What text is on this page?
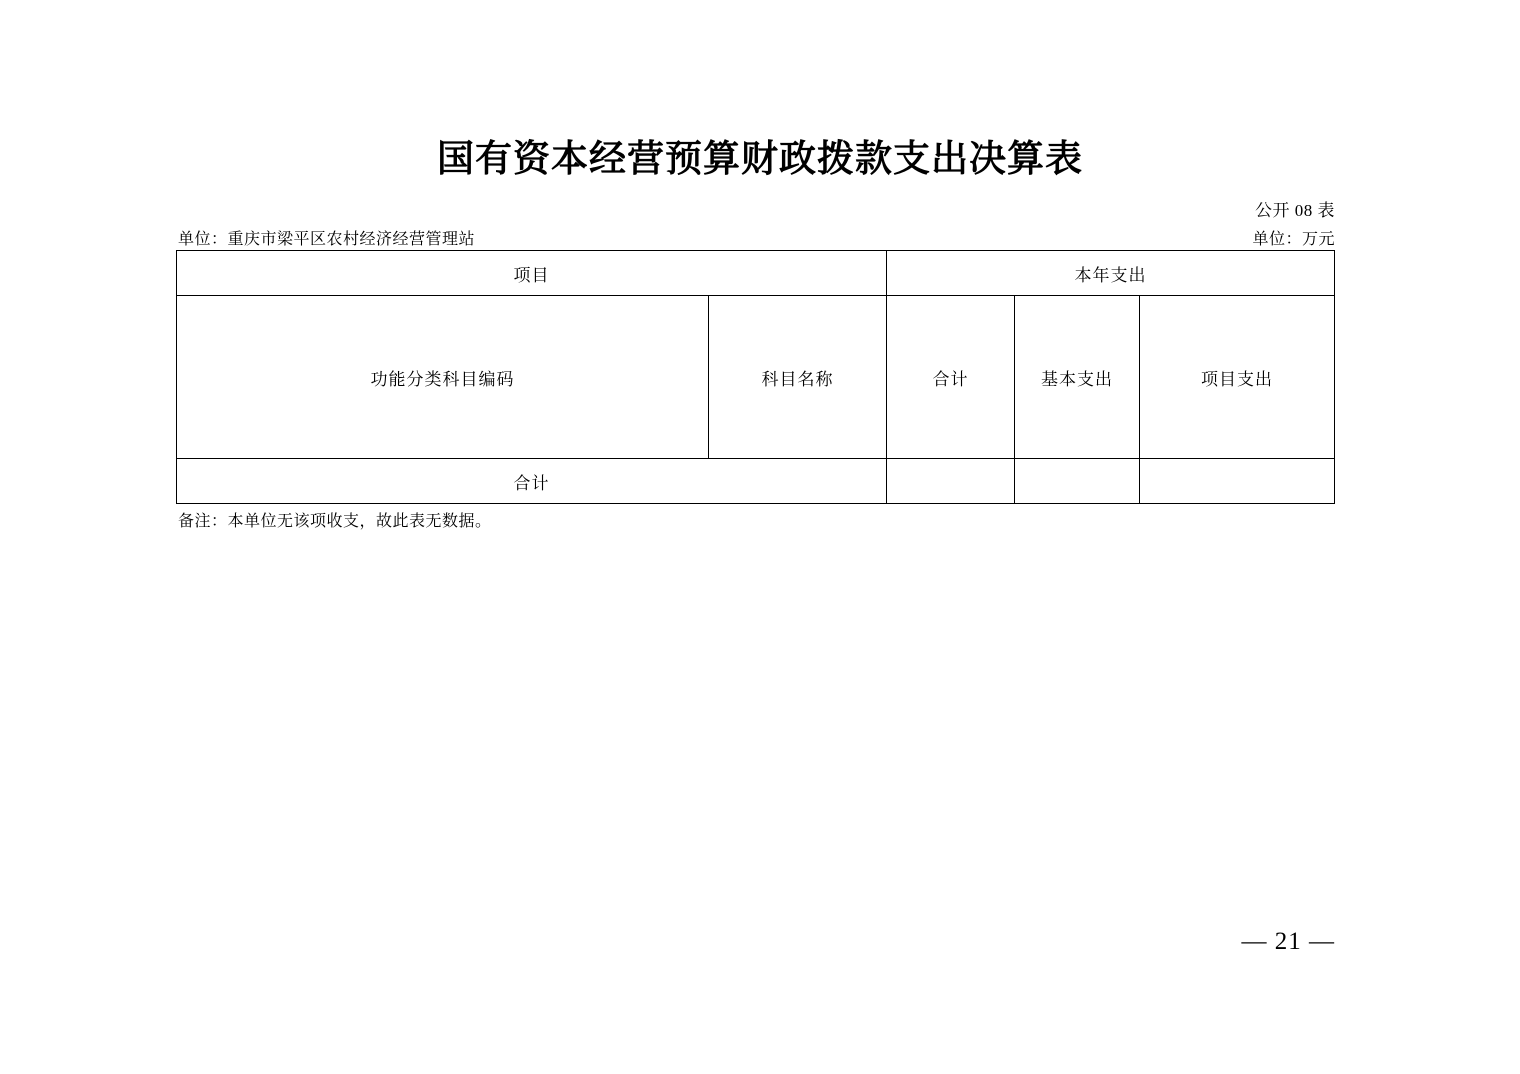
国有资本经营预算财政拨款支出决算表
公开 08 表
单位：重庆市梁平区农村经济经营管理站	单位：万元
项目		本年支出		
功能分类科目编码	科目名称	合计	基本支出	项目支出
合计				
备注：本单位无该项收支，故此表无数据。
— 21 —
